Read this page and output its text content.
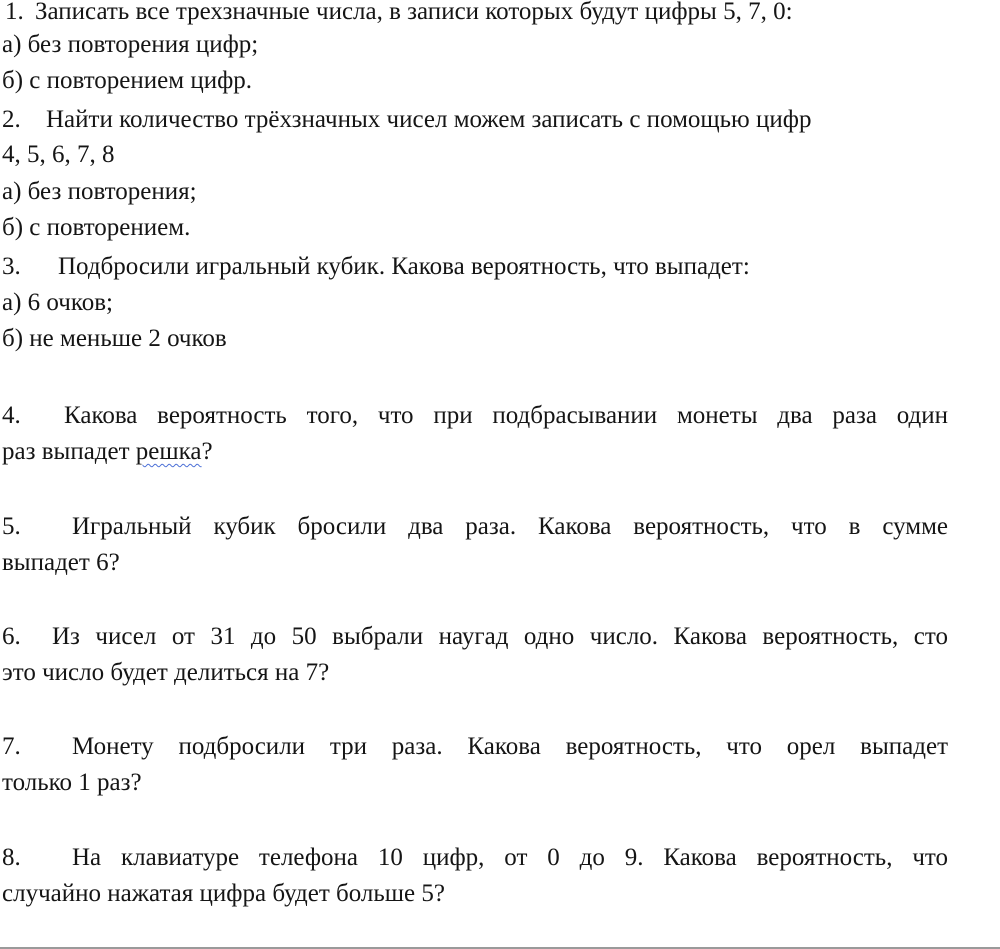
1. Записать все трехзначные числа, в записи которых будут цифры 5, 7, 0:
а) без повторения цифр;
б) с повторением цифр.
2. Найти количество трёхзначных чисел можем записать с помощью цифр
4, 5, 6, 7, 8
а) без повторения;
б) с повторением.
3. Подбросили игральный кубик. Какова вероятность, что выпадет:
а) 6 очков;
б) не меньше 2 очков
4. Какова вероятность того, что при подбрасывании монеты два раза один
раз выпадет решка?
5. Игральный кубик бросили два раза. Какова вероятность, что в сумме
выпадет 6?
6. Из чисел от 31 до 50 выбрали наугад одно число. Какова вероятность, сто
это число будет делиться на 7?
7. Монету подбросили три раза. Какова вероятность, что орел выпадет
только 1 раз?
8. На клавиатуре телефона 10 цифр, от 0 до 9. Какова вероятность, что
случайно нажатая цифра будет больше 5?
